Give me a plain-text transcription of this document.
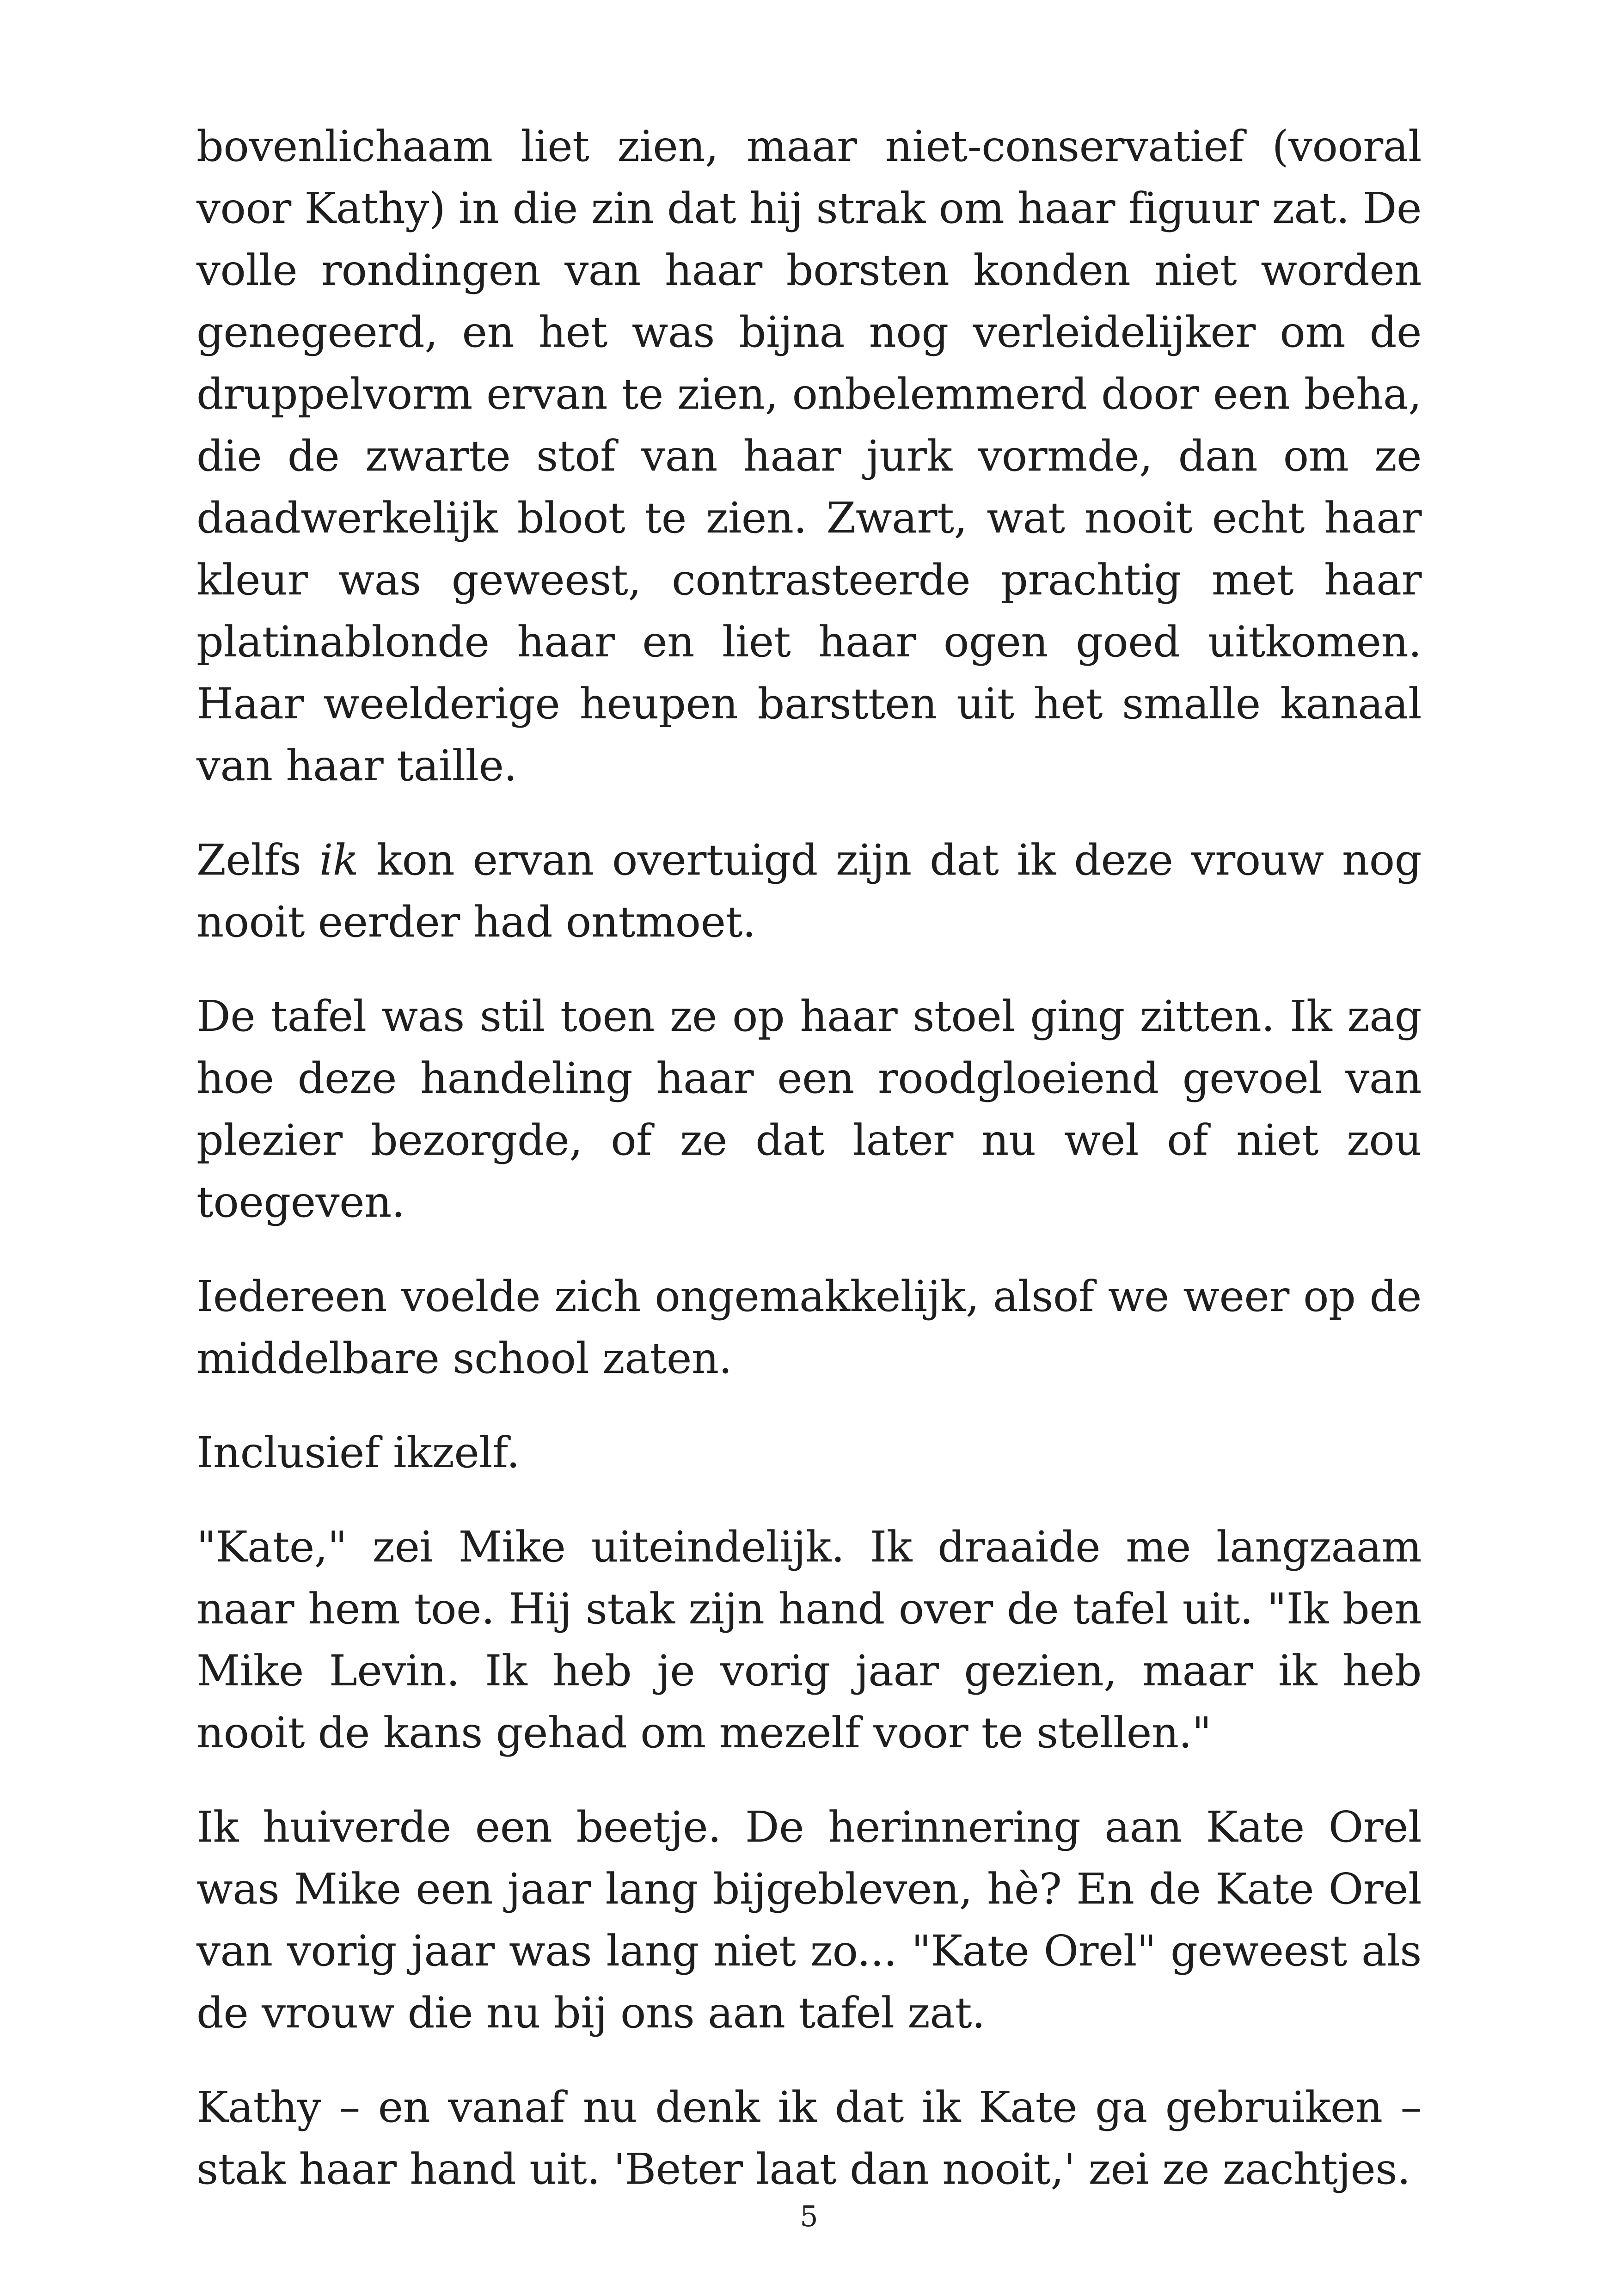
bovenlichaam liet zien, maar niet-conservatief (vooral voor Kathy) in die zin dat hij strak om haar figuur zat. De volle rondingen van haar borsten konden niet worden genegeerd, en het was bijna nog verleidelijker om de druppelvorm ervan te zien, onbelemmerd door een beha, die de zwarte stof van haar jurk vormde, dan om ze daadwerkelijk bloot te zien. Zwart, wat nooit echt haar kleur was geweest, contrasteerde prachtig met haar platinablonde haar en liet haar ogen goed uitkomen. Haar weelderige heupen barstten uit het smalle kanaal van haar taille.

Zelfs ik kon ervan overtuigd zijn dat ik deze vrouw nog nooit eerder had ontmoet.

De tafel was stil toen ze op haar stoel ging zitten. Ik zag hoe deze handeling haar een roodgloeiend gevoel van plezier bezorgde, of ze dat later nu wel of niet zou toegeven.

Iedereen voelde zich ongemakkelijk, alsof we weer op de middelbare school zaten.

Inclusief ikzelf.

"Kate," zei Mike uiteindelijk. Ik draaide me langzaam naar hem toe. Hij stak zijn hand over de tafel uit. "Ik ben Mike Levin. Ik heb je vorig jaar gezien, maar ik heb nooit de kans gehad om mezelf voor te stellen."

Ik huiverde een beetje. De herinnering aan Kate Orel was Mike een jaar lang bijgebleven, hè? En de Kate Orel van vorig jaar was lang niet zo... "Kate Orel" geweest als de vrouw die nu bij ons aan tafel zat.

Kathy – en vanaf nu denk ik dat ik Kate ga gebruiken – stak haar hand uit. 'Beter laat dan nooit,' zei ze zachtjes.

5
